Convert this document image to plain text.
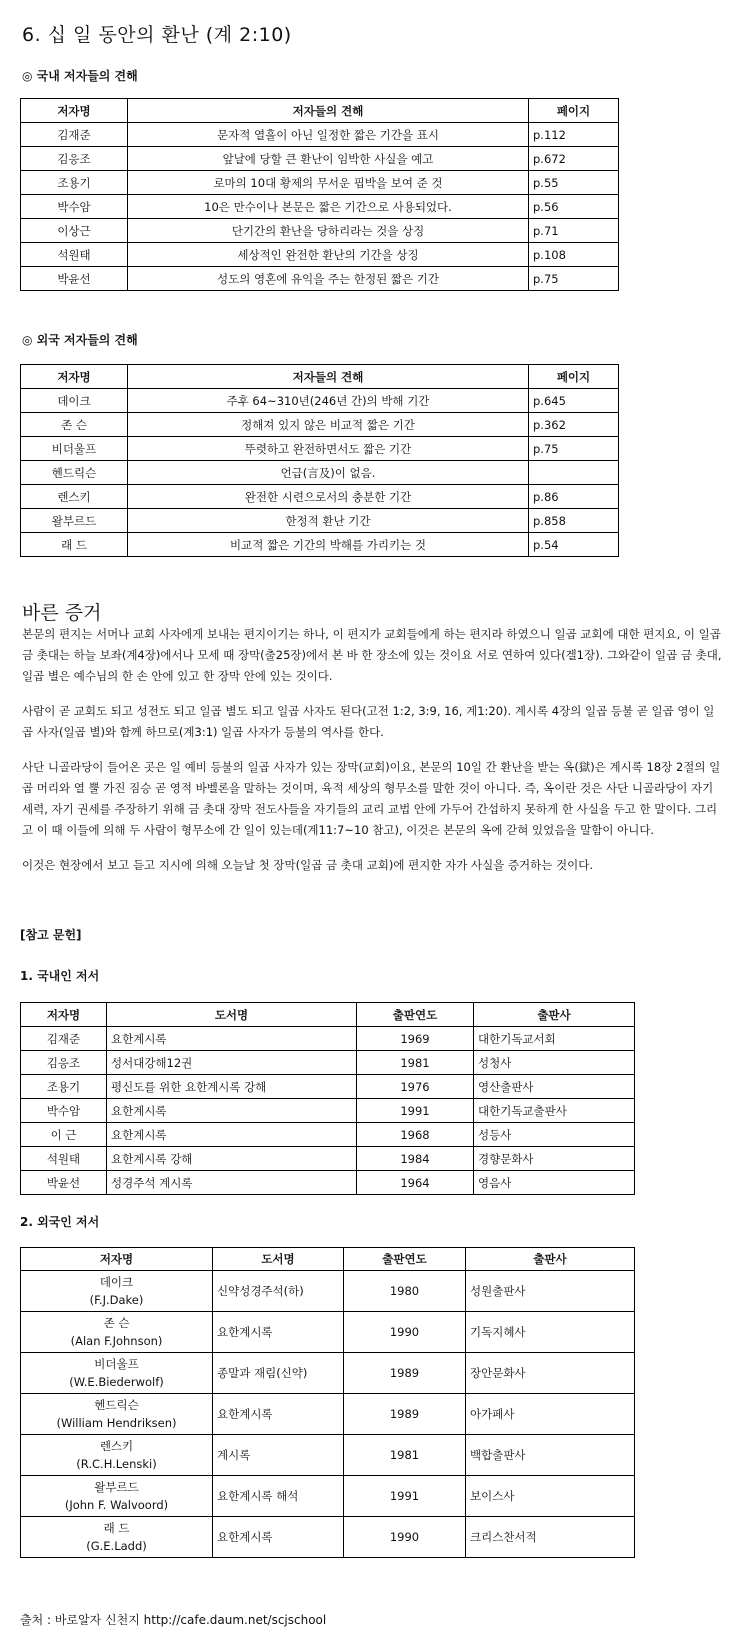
6. 십 일 동안의 환난 (계 2:10)
◎ 국내 저자들의 견해
저자명	저자들의 견해	페이지
김재준	문자적 열흘이 아닌 일정한 짧은 기간을 표시	p.112
김응조	앞날에 당할 큰 환난이 임박한 사실을 예고	p.672
조용기	로마의 10대 황제의 무서운 핍박을 보여 준 것	p.55
박수암	10은 만수이나 본문은 짧은 기간으로 사용되었다.	p.56
이상근	단기간의 환난을 당하리라는 것을 상징	p.71
석원태	세상적인 완전한 환난의 기간을 상징	p.108
박윤선	성도의 영혼에 유익을 주는 한정된 짧은 기간	p.75
◎ 외국 저자들의 견해
저자명	저자들의 견해	페이지
데이크	주후 64~310년(246년 간)의 박해 기간	p.645
존 슨	정해져 있지 않은 비교적 짧은 기간	p.362
비더울프	뚜렷하고 완전하면서도 짧은 기간	p.75
헨드릭슨	언급(言及)이 없음.	
렌스키	완전한 시련으로서의 충분한 기간	p.86
왈부르드	한정적 환난 기간	p.858
래 드	비교적 짧은 기간의 박해를 가리키는 것	p.54
바른 증거

본문의 편지는 서머나 교회 사자에게 보내는 편지이기는 하나, 이 편지가 교회들에게 하는 편지라 하였으니 일곱 교회에 대한 편지요, 이 일곱 금 촛대는 하늘 보좌(계4장)에서나 모세 때 장막(출25장)에서 본 바 한 장소에 있는 것이요 서로 연하여 있다(겔1장). 그와같이 일곱 금 촛대, 일곱 별은 예수님의 한 손 안에 있고 한 장막 안에 있는 것이다.

사람이 곧 교회도 되고 성전도 되고 일곱 별도 되고 일곱 사자도 된다(고전 1:2, 3:9, 16, 계1:20). 계시록 4장의 일곱 등불 곧 일곱 영이 일곱 사자(일곱 별)와 함께 하므로(계3:1) 일곱 사자가 등불의 역사를 한다.

사단 니골라당이 들어온 곳은 일 예비 등불의 일곱 사자가 있는 장막(교회)이요, 본문의 10일 간 환난을 받는 옥(獄)은 계시록 18장 2절의 일곱 머리와 열 뿔 가진 짐승 곧 영적 바벨론을 말하는 것이며, 육적 세상의 형무소를 말한 것이 아니다. 즉, 옥이란 것은 사단 니골라당이 자기 세력, 자기 권세를 주장하기 위해 금 촛대 장막 전도사들을 자기들의 교리 교법 안에 가두어 간섭하지 못하게 한 사실을 두고 한 말이다. 그리고 이 때 이들에 의해 두 사람이 형무소에 간 일이 있는데(계11:7~10 참고), 이것은 본문의 옥에 갇혀 있었음을 말함이 아니다.

이것은 현장에서 보고 듣고 지시에 의해 오늘날 첫 장막(일곱 금 촛대 교회)에 편지한 자가 사실을 증거하는 것이다.

[참고 문헌]
1. 국내인 저서
저자명	도서명	출판연도	출판사
김재준	요한계시록	1969	대한기독교서회
김응조	성서대강해12권	1981	성청사
조용기	평신도를 위한 요한계시록 강해	1976	영산출판사
박수암	요한계시록	1991	대한기독교출판사
이 근	요한계시록	1968	성등사
석원태	요한계시록 강해	1984	경향문화사
박윤선	성경주석 계시록	1964	영음사
2. 외국인 저서
저자명	도서명	출판연도	출판사

데이크
(F.J.Dake)	신약성경주석(하)	1980	성원출판사

존 슨
(Alan F.Johnson)	요한계시록	1990	기독지혜사

비더울프
(W.E.Biederwolf)	종말과 재림(신약)	1989	장안문화사

헨드릭슨
(William Hendriksen)	요한계시록	1989	아가페사

렌스키
(R.C.H.Lenski)	계시록	1981	백합출판사

왈부르드
(John F. Walvoord)	요한계시록 해석	1991	보이스사

래 드
(G.E.Ladd)	요한계시록	1990	크리스찬서적
출처 : 바로알자 신천지 http://cafe.daum.net/scjschool
